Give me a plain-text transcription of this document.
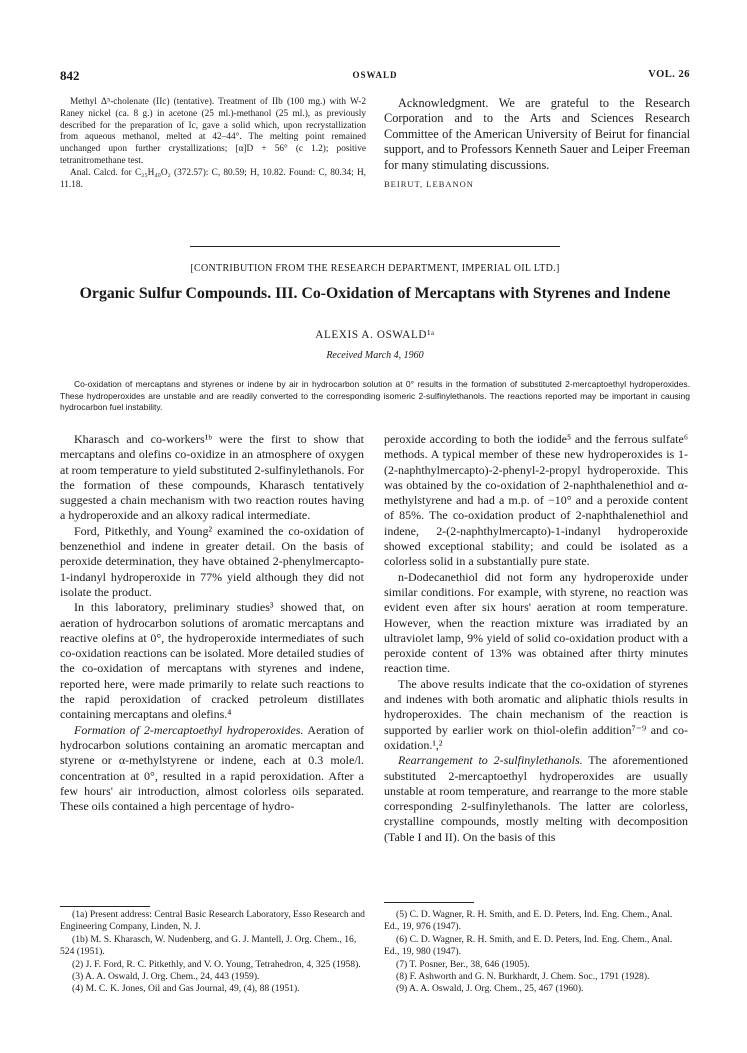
842	OSWALD	VOL. 26

Methyl Δ⁵-cholenate (IIc) (tentative). Treatment of IIb (100 mg.) with W-2 Raney nickel (ca. 8 g.) in acetone (25 ml.)-methanol (25 ml.), as previously described for the preparation of Ic, gave a solid which, upon recrystallization from aqueous methanol, melted at 42–44°. The melting point remained unchanged upon further crystallizations; [α]D + 56° (c 1.2); positive tetranitromethane test.

Anal. Calcd. for C₂₅H₄₀O₂ (372.57): C, 80.59; H, 10.82. Found: C, 80.34; H, 11.18.

Acknowledgment. We are grateful to the Research Corporation and to the Arts and Sciences Research Committee of the American University of Beirut for financial support, and to Professors Kenneth Sauer and Leiper Freeman for many stimulating discussions.

BEIRUT, LEBANON

[CONTRIBUTION FROM THE RESEARCH DEPARTMENT, IMPERIAL OIL LTD.]
Organic Sulfur Compounds. III. Co-Oxidation of Mercaptans with Styrenes and Indene
ALEXIS A. OSWALD¹ᵃ
Received March 4, 1960

Co-oxidation of mercaptans and styrenes or indene by air in hydrocarbon solution at 0° results in the formation of substituted 2-mercaptoethyl hydroperoxides. These hydroperoxides are unstable and are readily converted to the corresponding isomeric 2-sulfinylethanols. The reactions reported may be important in causing hydrocarbon fuel instability.

Kharasch and co-workers¹ᵇ were the first to show that mercaptans and olefins co-oxidize in an atmosphere of oxygen at room temperature to yield substituted 2-sulfinylethanols. For the formation of these compounds, Kharasch tentatively suggested a chain mechanism with two reaction routes having a hydroperoxide and an alkoxy radical intermediate.

Ford, Pitkethly, and Young² examined the co-oxidation of benzenethiol and indene in greater detail. On the basis of peroxide determination, they have obtained 2-phenylmercapto-1-indanyl hydroperoxide in 77% yield although they did not isolate the product.

In this laboratory, preliminary studies³ showed that, on aeration of hydrocarbon solutions of aromatic mercaptans and reactive olefins at 0°, the hydroperoxide intermediates of such co-oxidation reactions can be isolated. More detailed studies of the co-oxidation of mercaptans with styrenes and indene, reported here, were made primarily to relate such reactions to the rapid peroxidation of cracked petroleum distillates containing mercaptans and olefins.⁴

Formation of 2-mercaptoethyl hydroperoxides. Aeration of hydrocarbon solutions containing an aromatic mercaptan and styrene or α-methylstyrene or indene, each at 0.3 mole/l. concentration at 0°, resulted in a rapid peroxidation. After a few hours' air introduction, almost colorless oils separated. These oils contained a high percentage of hydro-

peroxide according to both the iodide⁵ and the ferrous sulfate⁶ methods. A typical member of these new hydroperoxides is 1-(2-naphthylmercapto)-2-phenyl-2-propyl hydroperoxide. This was obtained by the co-oxidation of 2-naphthalenethiol and α-methylstyrene and had a m.p. of −10° and a peroxide content of 85%. The co-oxidation product of 2-naphthalenethiol and indene, 2-(2-naphthylmercapto)-1-indanyl hydroperoxide showed exceptional stability; and could be isolated as a colorless solid in a substantially pure state.

n-Dodecanethiol did not form any hydroperoxide under similar conditions. For example, with styrene, no reaction was evident even after six hours' aeration at room temperature. However, when the reaction mixture was irradiated by an ultraviolet lamp, 9% yield of solid co-oxidation product with a peroxide content of 13% was obtained after thirty minutes reaction time.

The above results indicate that the co-oxidation of styrenes and indenes with both aromatic and aliphatic thiols results in hydroperoxides. The chain mechanism of the reaction is supported by earlier work on thiol-olefin addition⁷⁻⁹ and co-oxidation.¹,²

Rearrangement to 2-sulfinylethanols. The aforementioned substituted 2-mercaptoethyl hydroperoxides are usually unstable at room temperature, and rearrange to the more stable corresponding 2-sulfinylethanols. The latter are colorless, crystalline compounds, mostly melting with decomposition (Table I and II). On the basis of this

(1a) Present address: Central Basic Research Laboratory, Esso Research and Engineering Company, Linden, N. J.

(1b) M. S. Kharasch, W. Nudenberg, and G. J. Mantell, J. Org. Chem., 16, 524 (1951).

(2) J. F. Ford, R. C. Pitkethly, and V. O. Young, Tetrahedron, 4, 325 (1958).

(3) A. A. Oswald, J. Org. Chem., 24, 443 (1959).

(4) M. C. K. Jones, Oil and Gas Journal, 49, (4), 88 (1951).

(5) C. D. Wagner, R. H. Smith, and E. D. Peters, Ind. Eng. Chem., Anal. Ed., 19, 976 (1947).

(6) C. D. Wagner, R. H. Smith, and E. D. Peters, Ind. Eng. Chem., Anal. Ed., 19, 980 (1947).

(7) T. Posner, Ber., 38, 646 (1905).

(8) F. Ashworth and G. N. Burkhardt, J. Chem. Soc., 1791 (1928).

(9) A. A. Oswald, J. Org. Chem., 25, 467 (1960).
